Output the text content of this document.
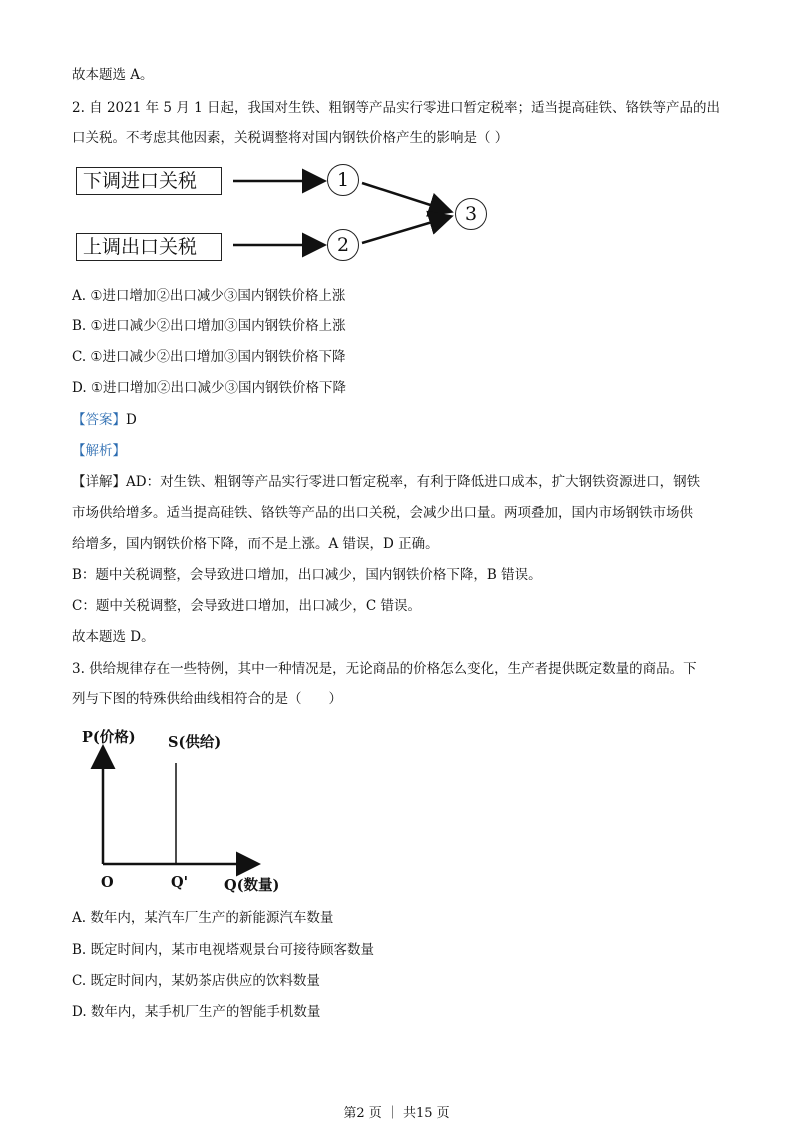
故本题选 A。
2. 自 2021 年 5 月 1 日起，我国对生铁、粗钢等产品实行零进口暂定税率；适当提高硅铁、铬铁等产品的出
口关税。不考虑其他因素，关税调整将对国内钢铁价格产生的影响是（ ）
下调进口关税
上调出口关税
1
2
3
A. ①进口增加②出口减少③国内钢铁价格上涨
B. ①进口减少②出口增加③国内钢铁价格上涨
C. ①进口减少②出口增加③国内钢铁价格下降
D. ①进口增加②出口减少③国内钢铁价格下降
【答案】D
【解析】
【详解】AD：对生铁、粗钢等产品实行零进口暂定税率，有利于降低进口成本，扩大钢铁资源进口，钢铁
市场供给增多。适当提高硅铁、铬铁等产品的出口关税，会减少出口量。两项叠加，国内市场钢铁市场供
给增多，国内钢铁价格下降，而不是上涨。A 错误，D 正确。
B：题中关税调整，会导致进口增加，出口减少，国内钢铁价格下降，B 错误。
C：题中关税调整，会导致进口增加，出口减少，C 错误。
故本题选 D。
3. 供给规律存在一些特例，其中一种情况是，无论商品的价格怎么变化，生产者提供既定数量的商品。下
列与下图的特殊供给曲线相符合的是（　　）
P(价格) S(供给)
O	Q' Q(数量)
A. 数年内，某汽车厂生产的新能源汽车数量
B. 既定时间内，某市电视塔观景台可接待顾客数量
C. 既定时间内，某奶茶店供应的饮料数量
D. 数年内，某手机厂生产的智能手机数量
第2 页 ｜ 共15 页
